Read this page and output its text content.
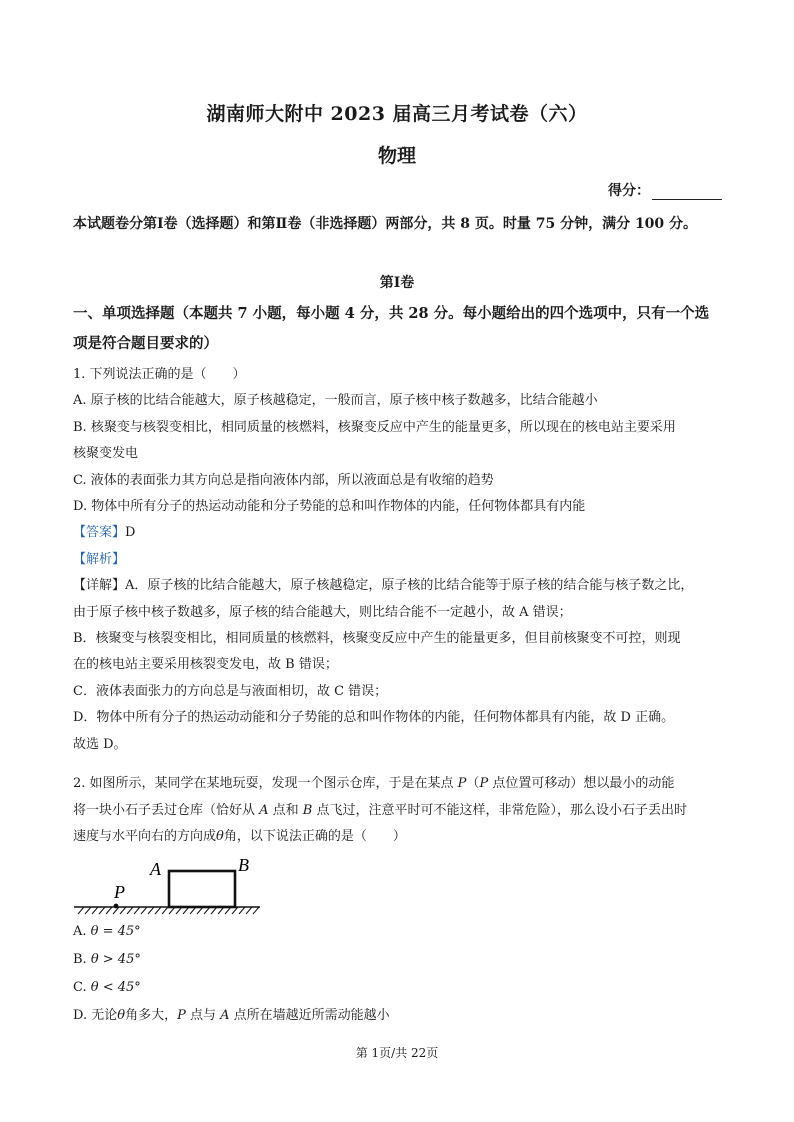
湖南师大附中 2023 届高三月考试卷（六）
物理
得分：
本试题卷分第Ⅰ卷（选择题）和第Ⅱ卷（非选择题）两部分，共 8 页。时量 75 分钟，满分 100 分。
第Ⅰ卷
一、单项选择题（本题共 7 小题，每小题 4 分，共 28 分。每小题给出的四个选项中，只有一个选项是符合题目要求的）
1. 下列说法正确的是（　　）
A. 原子核的比结合能越大，原子核越稳定，一般而言，原子核中核子数越多，比结合能越小
B. 核聚变与核裂变相比，相同质量的核燃料，核聚变反应中产生的能量更多，所以现在的核电站主要采用
核聚变发电
C. 液体的表面张力其方向总是指向液体内部，所以液面总是有收缩的趋势
D. 物体中所有分子的热运动动能和分子势能的总和叫作物体的内能，任何物体都具有内能
【答案】D
【解析】
【详解】A．原子核的比结合能越大，原子核越稳定，原子核的比结合能等于原子核的结合能与核子数之比，
由于原子核中核子数越多，原子核的结合能越大，则比结合能不一定越小，故 A 错误；
B．核聚变与核裂变相比，相同质量的核燃料，核聚变反应中产生的能量更多，但目前核聚变不可控，则现
在的核电站主要采用核裂变发电，故 B 错误；
C．液体表面张力的方向总是与液面相切，故 C 错误；
D．物体中所有分子的热运动动能和分子势能的总和叫作物体的内能，任何物体都具有内能，故 D 正确。
故选 D。
2. 如图所示，某同学在某地玩耍，发现一个图示仓库，于是在某点 P（P 点位置可移动）想以最小的动能
将一块小石子丢过仓库（恰好从 A 点和 B 点飞过，注意平时可不能这样，非常危险），那么设小石子丢出时
速度与水平向右的方向成θ角，以下说法正确的是（　　）
A	B
P
A. θ = 45°
B. θ > 45°
C. θ < 45°
D. 无论θ角多大，P 点与 A 点所在墙越近所需动能越小
第 1页/共 22页
